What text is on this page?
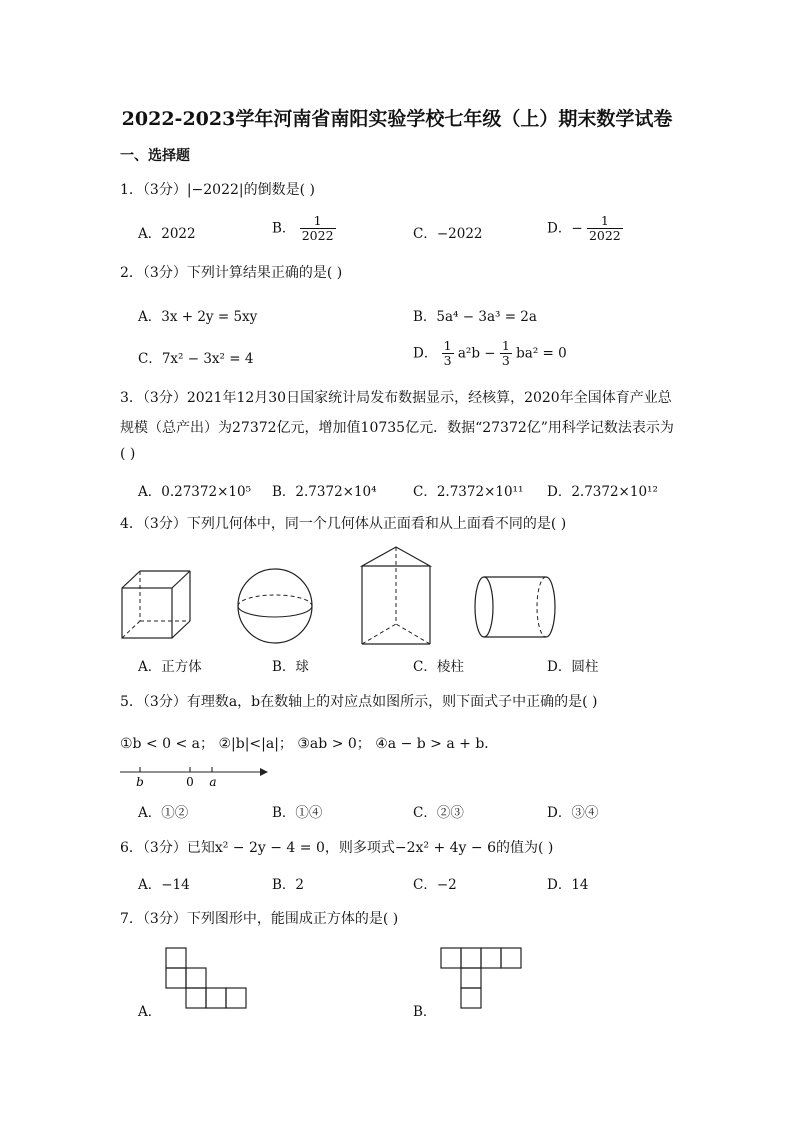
2022-2023学年河南省南阳实验学校七年级（上）期末数学试卷
一、选择题
1．（3分）|−2022|的倒数是( )
A．2022	B． $\frac{1}{2022}$	C．−2022	D．− $\frac{1}{2022}$
2．（3分）下列计算结果正确的是( )
A．3x + 2y = 5xy	B．5a⁴ − 3a³ = 2a
C．7x² − 3x² = 4	D． $\frac{1}{3} a^2b - \frac{1}{3} ba^2 = 0$
3．（3分）2021年12月30日国家统计局发布数据显示，经核算，2020年全国体育产业总
规模（总产出）为27372亿元，增加值10735亿元．数据“27372亿”用科学记数法表示为
( )
A．0.27372×10⁵ B．2.7372×10⁴	C．2.7372×10¹¹ D．2.7372×10¹²
4．（3分）下列几何体中，同一个几何体从正面看和从上面看不同的是( )
A．正方体	B．球	C．棱柱	D．圆柱
5．（3分）有理数a，b在数轴上的对应点如图所示，则下面式子中正确的是( )
①b < 0 < a； ②|b|<|a|； ③ab > 0； ④a − b > a + b．
b	0 a
A．①②	B．①④	C．②③	D．③④
6．（3分）已知x² − 2y − 4 = 0，则多项式−2x² + 4y − 6的值为( )
A．−14	B．2	C．−2	D．14
7．（3分）下列图形中，能围成正方体的是( )
A．	B．
